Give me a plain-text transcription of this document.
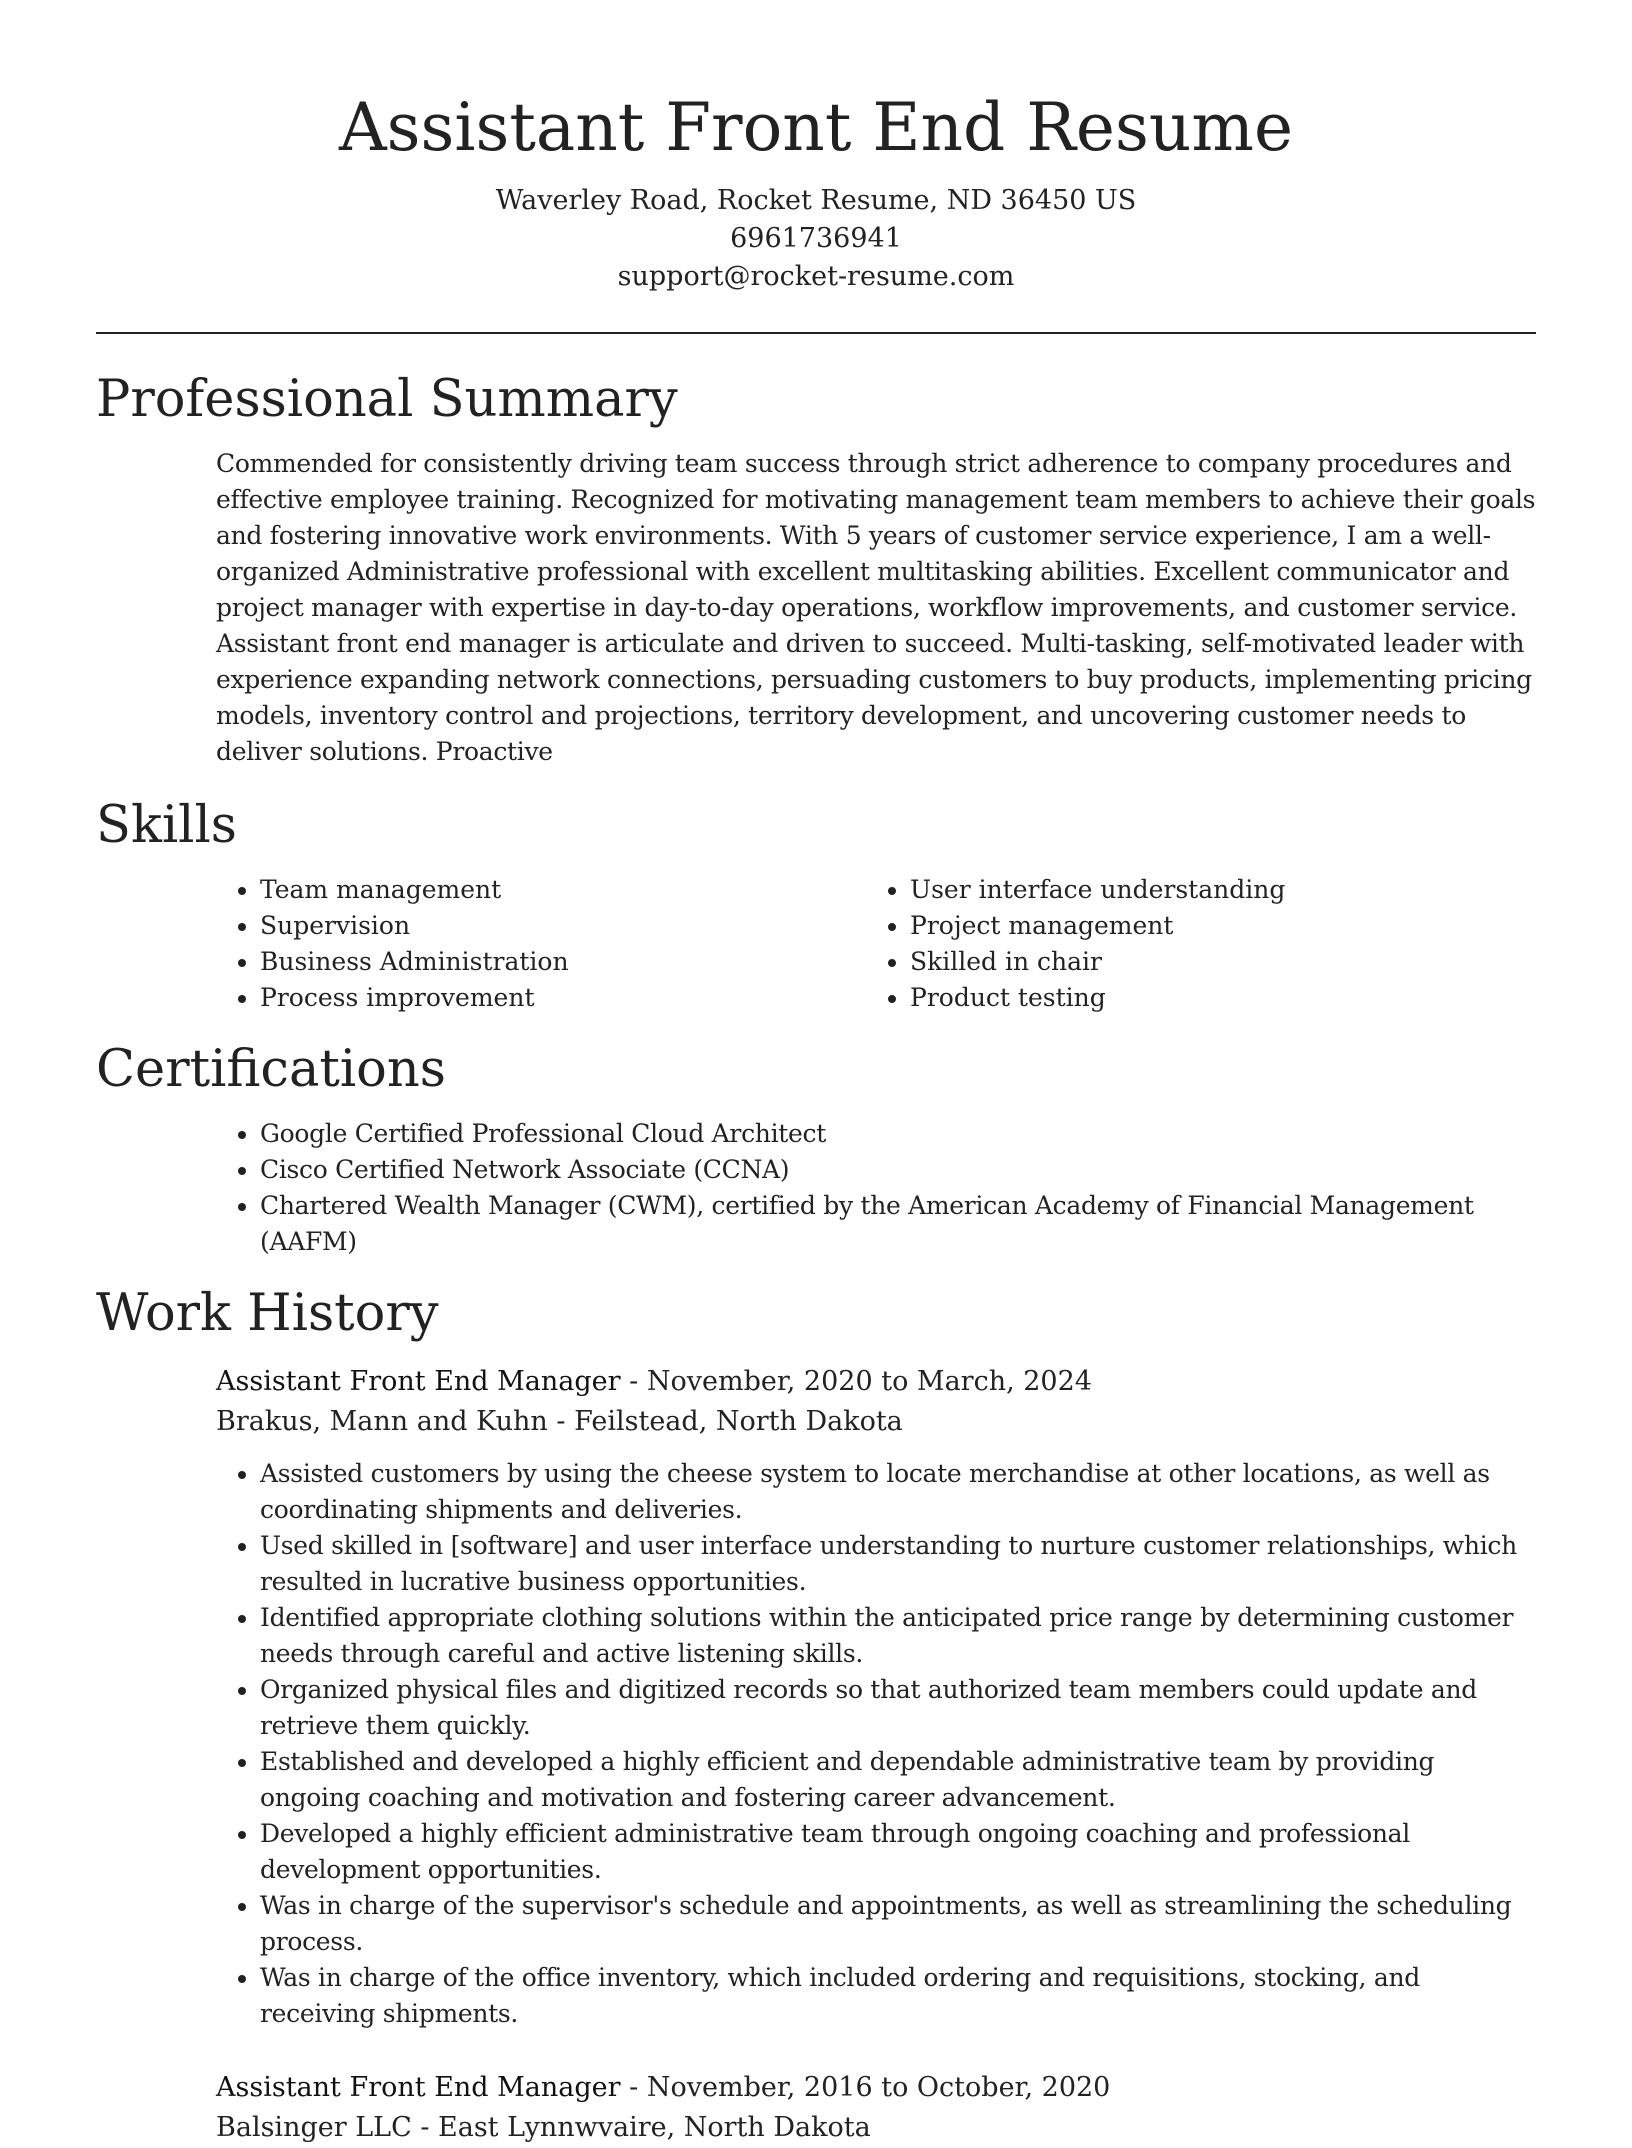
Assistant Front End Resume
Waverley Road, Rocket Resume, ND 36450 US
6961736941
support@rocket-resume.com
Professional Summary
Commended for consistently driving team success through strict adherence to company procedures and effective employee training. Recognized for motivating management team members to achieve their goals and fostering innovative work environments. With 5 years of customer service experience, I am a well-organized Administrative professional with excellent multitasking abilities. Excellent communicator and project manager with expertise in day-to-day operations, workflow improvements, and customer service. Assistant front end manager is articulate and driven to succeed. Multi-tasking, self-motivated leader with experience expanding network connections, persuading customers to buy products, implementing pricing models, inventory control and projections, territory development, and uncovering customer needs to deliver solutions. Proactive
Skills
• Team management
• Supervision
• Business Administration
• Process improvement
• User interface understanding
• Project management
• Skilled in chair
• Product testing
Certifications
• Google Certified Professional Cloud Architect
• Cisco Certified Network Associate (CCNA)
• Chartered Wealth Manager (CWM), certified by the American Academy of Financial Management (AAFM)
Work History
Assistant Front End Manager - November, 2020 to March, 2024
Brakus, Mann and Kuhn - Feilstead, North Dakota
• Assisted customers by using the cheese system to locate merchandise at other locations, as well as coordinating shipments and deliveries.
• Used skilled in [software] and user interface understanding to nurture customer relationships, which resulted in lucrative business opportunities.
• Identified appropriate clothing solutions within the anticipated price range by determining customer needs through careful and active listening skills.
• Organized physical files and digitized records so that authorized team members could update and retrieve them quickly.
• Established and developed a highly efficient and dependable administrative team by providing ongoing coaching and motivation and fostering career advancement.
• Developed a highly efficient administrative team through ongoing coaching and professional development opportunities.
• Was in charge of the supervisor's schedule and appointments, as well as streamlining the scheduling process.
• Was in charge of the office inventory, which included ordering and requisitions, stocking, and receiving shipments.
Assistant Front End Manager - November, 2016 to October, 2020
Balsinger LLC - East Lynnwvaire, North Dakota
